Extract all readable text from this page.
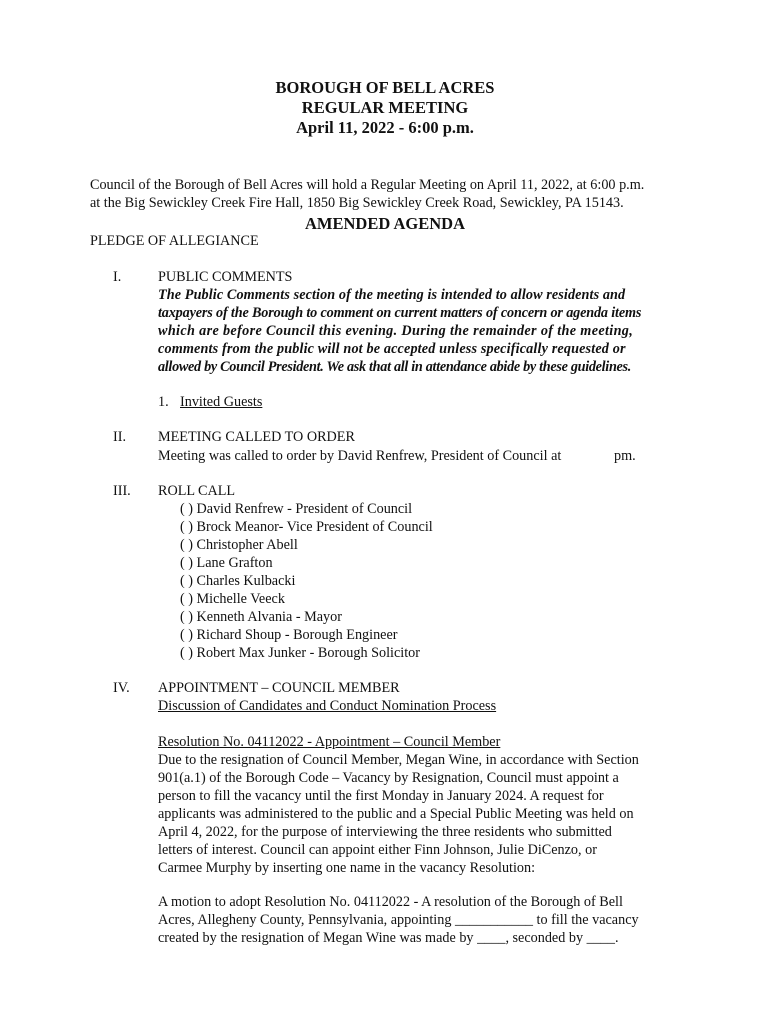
BOROUGH OF BELL ACRES
REGULAR MEETING
April 11, 2022 - 6:00 p.m.
Council of the Borough of Bell Acres will hold a Regular Meeting on April 11, 2022, at 6:00 p.m.
at the Big Sewickley Creek Fire Hall, 1850 Big Sewickley Creek Road, Sewickley, PA 15143.
AMENDED AGENDA
PLEDGE OF ALLEGIANCE
I.	PUBLIC COMMENTS
The Public Comments section of the meeting is intended to allow residents and
taxpayers of the Borough to comment on current matters of concern or agenda items
which are before Council this evening. During the remainder of the meeting,
comments from the public will not be accepted unless specifically requested or
allowed by Council President. We ask that all in attendance abide by these guidelines.
1. Invited Guests
II. MEETING CALLED TO ORDER
Meeting was called to order by David Renfrew, President of Council at	pm.
III. ROLL CALL
( ) David Renfrew - President of Council
( ) Brock Meanor- Vice President of Council
( ) Christopher Abell
( ) Lane Grafton
( ) Charles Kulbacki
( ) Michelle Veeck
( ) Kenneth Alvania - Mayor
( ) Richard Shoup - Borough Engineer
( ) Robert Max Junker - Borough Solicitor
IV. APPOINTMENT – COUNCIL MEMBER
Discussion of Candidates and Conduct Nomination Process
Resolution No. 04112022 - Appointment – Council Member
Due to the resignation of Council Member, Megan Wine, in accordance with Section
901(a.1) of the Borough Code – Vacancy by Resignation, Council must appoint a
person to fill the vacancy until the first Monday in January 2024. A request for
applicants was administered to the public and a Special Public Meeting was held on
April 4, 2022, for the purpose of interviewing the three residents who submitted
letters of interest. Council can appoint either Finn Johnson, Julie DiCenzo, or
Carmee Murphy by inserting one name in the vacancy Resolution:
A motion to adopt Resolution No. 04112022 - A resolution of the Borough of Bell
Acres, Allegheny County, Pennsylvania, appointing ___________ to fill the vacancy
created by the resignation of Megan Wine was made by ____, seconded by ____.
